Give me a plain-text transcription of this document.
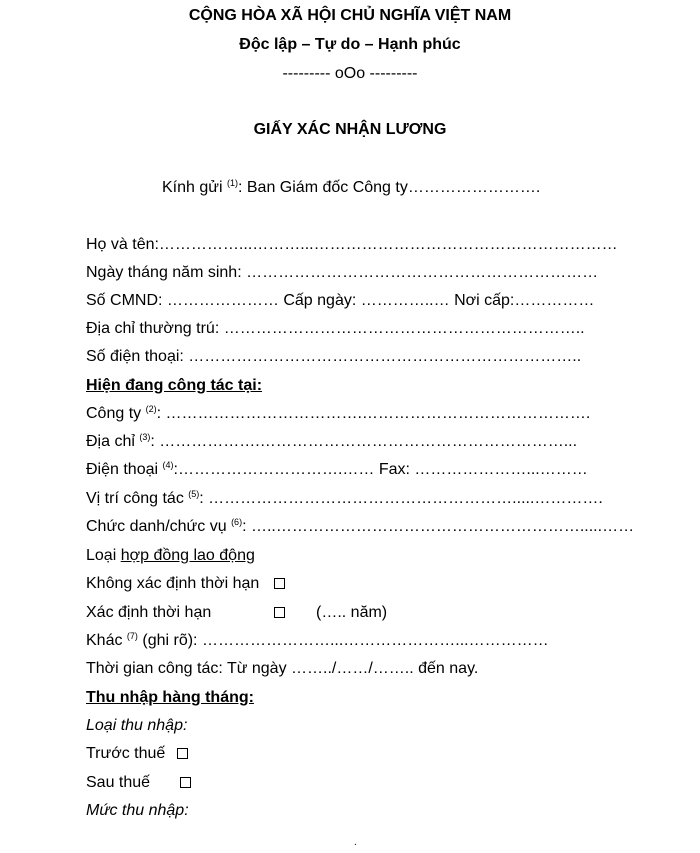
CỘNG HÒA XÃ HỘI CHỦ NGHĨA VIỆT NAM
Độc lập – Tự do – Hạnh phúc
--------- oOo ---------
GIẤY XÁC NHẬN LƯƠNG
Kính gửi $^{(1)}$: Ban Giám đốc Công ty…………………….
Họ và tên:……………...………...…………………………………………………
Ngày tháng năm sinh: …………………………………………………………
Số CMND: ………………… Cấp ngày: …………..… Nơi cấp:……………
Địa chỉ thường trú: …………………………………………………………..
Số điện thoại: ………………………………………………………………..
Hiện đang công tác tại:
Công ty $^{(2)}$: ……………………………….…………………………………….
Địa chỉ $^{(3)}$: ……………….…………………………………………………...
Điện thoại $^{(4)}$:………………………….…… Fax: …………………...………
Vị trí công tác $^{(5)}$: ………………………………………………….....………….
Chức danh/chức vụ $^{(6)}$: …..………………………………………………….....……
Loại hợp đồng lao động
Không xác định thời hạn
Xác định thời hạn	(….. năm)
Khác $^{(7)}$ (ghi rõ): ……………………...…………………...……………
Thời gian công tác: Từ ngày ……../……/…….. đến nay.
Thu nhập hàng tháng:
Loại thu nhập:
Trước thuế
Sau thuế
Mức thu nhập:
.
